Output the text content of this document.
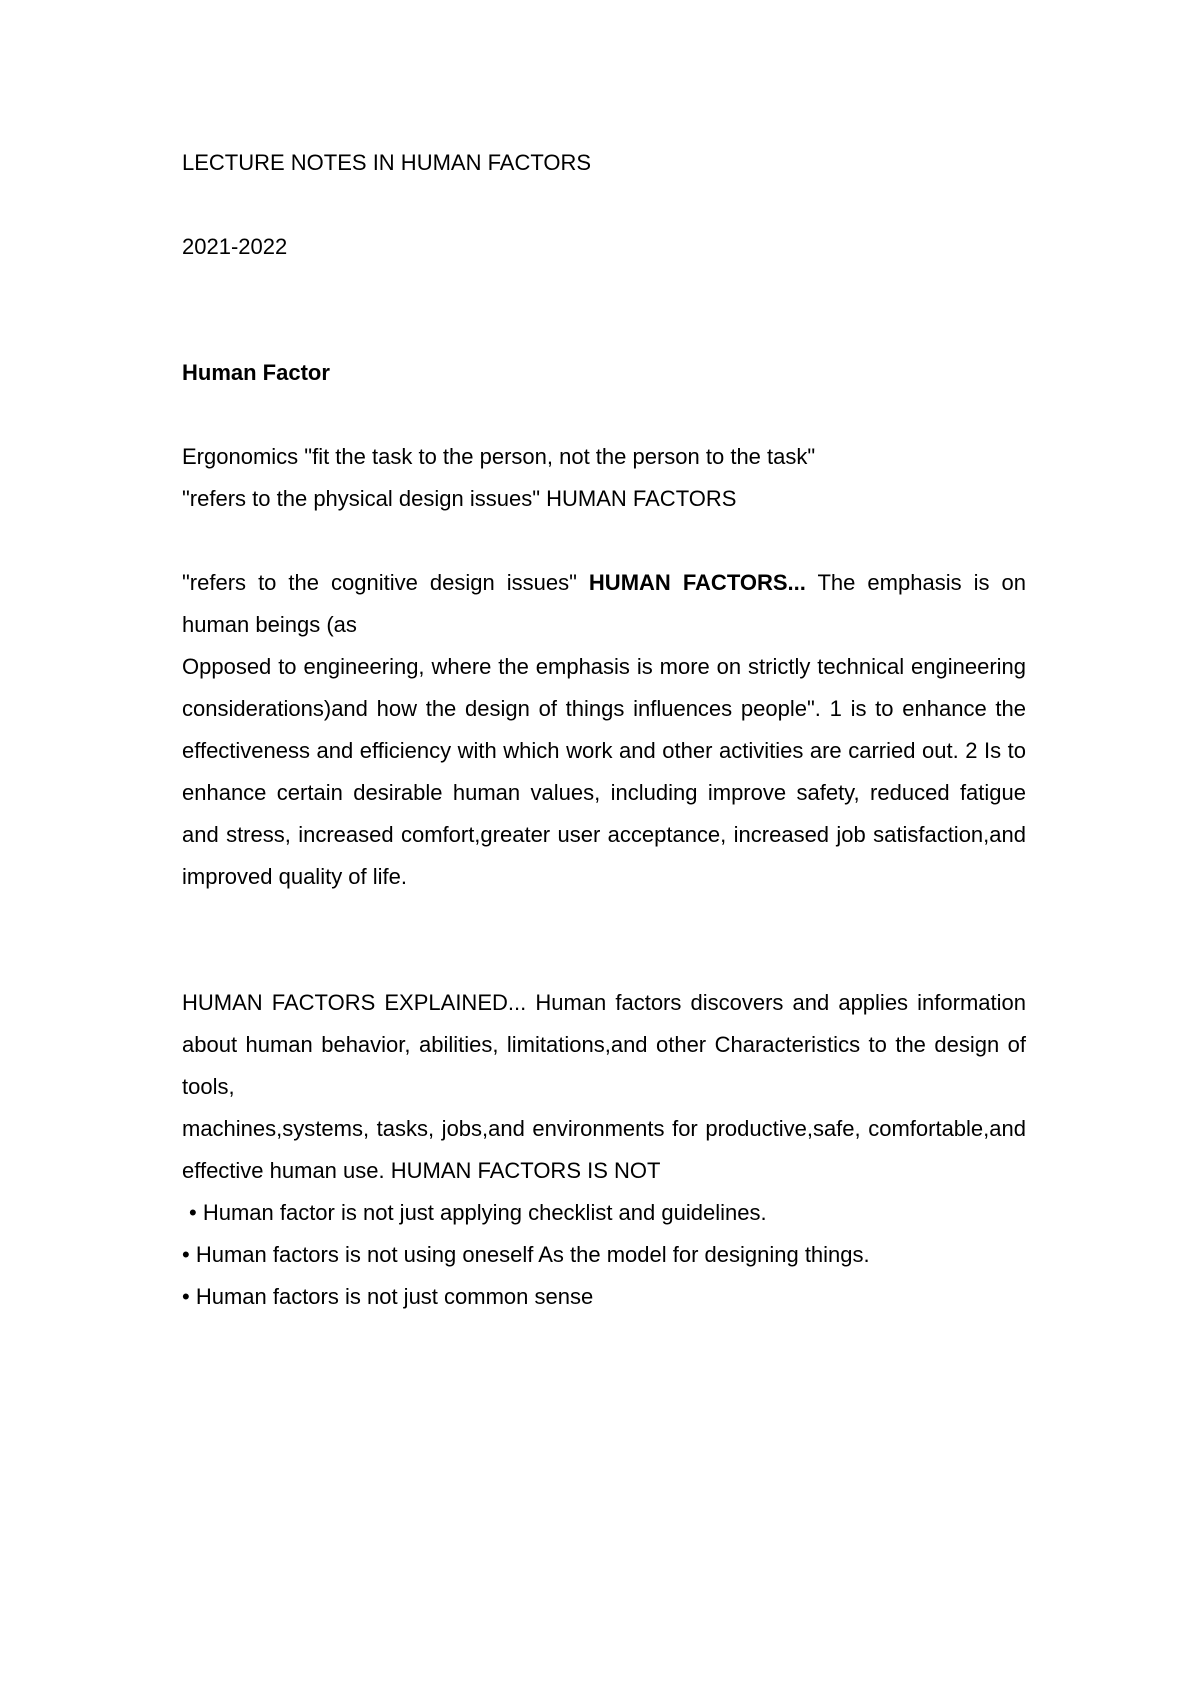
LECTURE NOTES IN HUMAN FACTORS

2021-2022

Human Factor

Ergonomics "fit the task to the person, not the person to the task"

"refers to the physical design issues" HUMAN FACTORS

"refers to the cognitive design issues" HUMAN FACTORS... The emphasis is on human beings (as

Opposed to engineering, where the emphasis is more on strictly technical engineering considerations)and how the design of things influences people". 1 is to enhance the effectiveness and efficiency with which work and other activities are carried out. 2 Is to enhance certain desirable human values, including improve safety, reduced fatigue and stress, increased comfort,greater user acceptance, increased job satisfaction,and improved quality of life.

HUMAN FACTORS EXPLAINED... Human factors discovers and applies information about human behavior, abilities, limitations,and other Characteristics to the design of tools,

machines,systems, tasks, jobs,and environments for productive,safe, comfortable,and effective human use. HUMAN FACTORS IS NOT

• Human factor is not just applying checklist and guidelines.

• Human factors is not using oneself As the model for designing things.

• Human factors is not just common sense
